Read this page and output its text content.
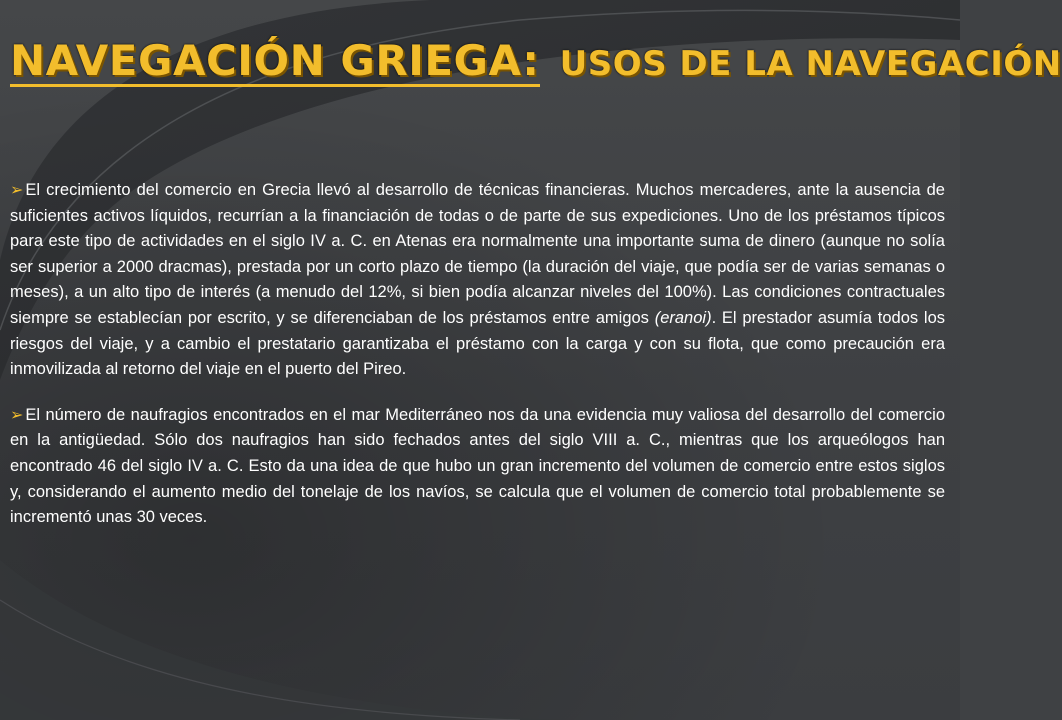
NAVEGACIÓN GRIEGA: USOS DE LA NAVEGACIÓN

➢ El crecimiento del comercio en Grecia llevó al desarrollo de técnicas financieras. Muchos mercaderes, ante la ausencia de suficientes activos líquidos, recurrían a la financiación de todas o de parte de sus expediciones. Uno de los préstamos típicos para este tipo de actividades en el siglo IV a. C. en Atenas era normalmente una importante suma de dinero (aunque no solía ser superior a 2000 dracmas), prestada por un corto plazo de tiempo (la duración del viaje, que podía ser de varias semanas o meses), a un alto tipo de interés (a menudo del 12%, si bien podía alcanzar niveles del 100%). Las condiciones contractuales siempre se establecían por escrito, y se diferenciaban de los préstamos entre amigos (eranoi). El prestador asumía todos los riesgos del viaje, y a cambio el prestatario garantizaba el préstamo con la carga y con su flota, que como precaución era inmovilizada al retorno del viaje en el puerto del Pireo.

➢ El número de naufragios encontrados en el mar Mediterráneo nos da una evidencia muy valiosa del desarrollo del comercio en la antigüedad. Sólo dos naufragios han sido fechados antes del siglo VIII a. C., mientras que los arqueólogos han encontrado 46 del siglo IV a. C. Esto da una idea de que hubo un gran incremento del volumen de comercio entre estos siglos y, considerando el aumento medio del tonelaje de los navíos, se calcula que el volumen de comercio total probablemente se incrementó unas 30 veces.
